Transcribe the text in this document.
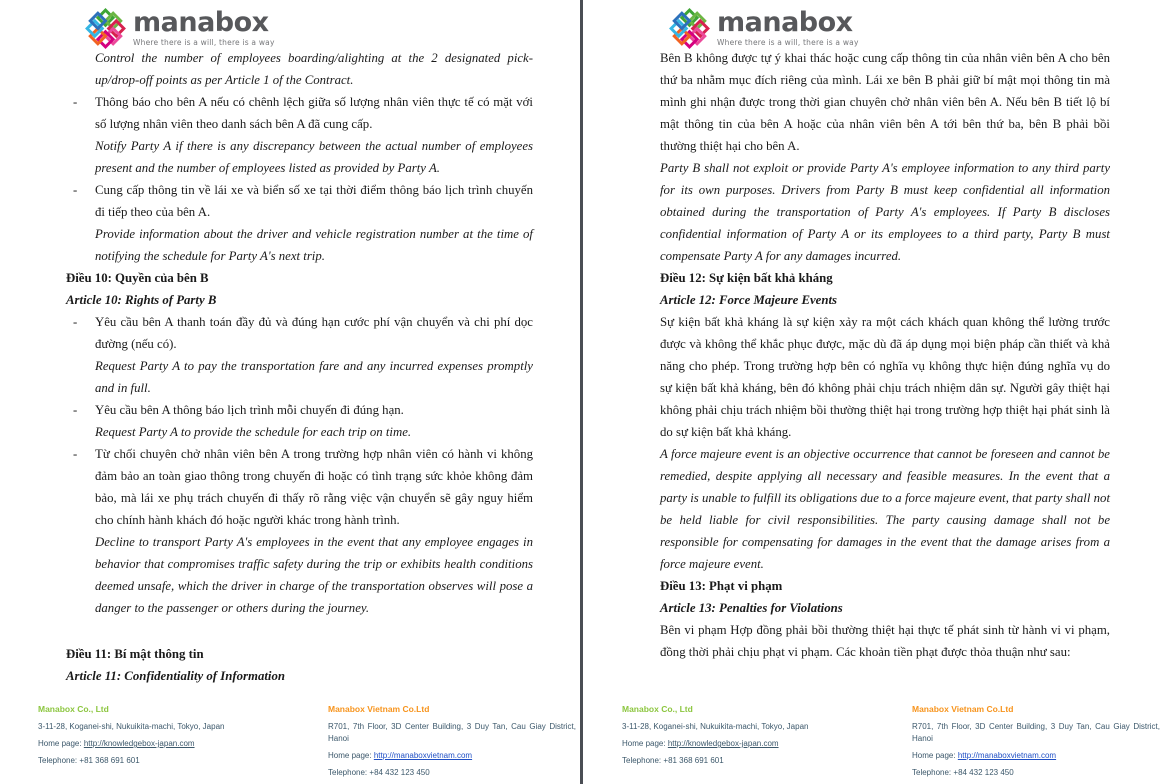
manabox
Where there is a will, there is a way
Control the number of employees boarding/alighting at the 2 designated pick-up/drop-off points as per Article 1 of the Contract.
- Thông báo cho bên A nếu có chênh lệch giữa số lượng nhân viên thực tế có mặt với số lượng nhân viên theo danh sách bên A đã cung cấp.
Notify Party A if there is any discrepancy between the actual number of employees present and the number of employees listed as provided by Party A.
- Cung cấp thông tin về lái xe và biển số xe tại thời điểm thông báo lịch trình chuyến đi tiếp theo của bên A.
Provide information about the driver and vehicle registration number at the time of notifying the schedule for Party A's next trip.
Điều 10: Quyền của bên B
Article 10: Rights of Party B
- Yêu cầu bên A thanh toán đầy đủ và đúng hạn cước phí vận chuyển và chi phí dọc đường (nếu có).
Request Party A to pay the transportation fare and any incurred expenses promptly and in full.
- Yêu cầu bên A thông báo lịch trình mỗi chuyến đi đúng hạn.
Request Party A to provide the schedule for each trip on time.
- Từ chối chuyên chở nhân viên bên A trong trường hợp nhân viên có hành vi không đảm bảo an toàn giao thông trong chuyến đi hoặc có tình trạng sức khỏe không đảm bảo, mà lái xe phụ trách chuyến đi thấy rõ rằng việc vận chuyển sẽ gây nguy hiểm cho chính hành khách đó hoặc người khác trong hành trình.
Decline to transport Party A's employees in the event that any employee engages in behavior that compromises traffic safety during the trip or exhibits health conditions deemed unsafe, which the driver in charge of the transportation observes will pose a danger to the passenger or others during the journey.
Điều 11: Bí mật thông tin
Article 11: Confidentiality of Information
Manabox Co., Ltd
3-11-28, Koganei-shi, Nukuikita-machi, Tokyo, Japan
Home page: http://knowledgebox-japan.com
Telephone: +81 368 691 601
Manabox Vietnam Co.Ltd
R701, 7th Floor, 3D Center Building, 3 Duy Tan, Cau Giay District, Hanoi
Home page: http://manaboxvietnam.com
Telephone: +84 432 123 450
manabox
Where there is a will, there is a way
Bên B không được tự ý khai thác hoặc cung cấp thông tin của nhân viên bên A cho bên thứ ba nhằm mục đích riêng của mình. Lái xe bên B phải giữ bí mật mọi thông tin mà mình ghi nhận được trong thời gian chuyên chở nhân viên bên A. Nếu bên B tiết lộ bí mật thông tin của bên A hoặc của nhân viên bên A tới bên thứ ba, bên B phải bồi thường thiệt hại cho bên A.
Party B shall not exploit or provide Party A's employee information to any third party for its own purposes. Drivers from Party B must keep confidential all information obtained during the transportation of Party A's employees. If Party B discloses confidential information of Party A or its employees to a third party, Party B must compensate Party A for any damages incurred.
Điều 12: Sự kiện bất khả kháng
Article 12: Force Majeure Events
Sự kiện bất khả kháng là sự kiện xảy ra một cách khách quan không thể lường trước được và không thể khắc phục được, mặc dù đã áp dụng mọi biện pháp cần thiết và khả năng cho phép. Trong trường hợp bên có nghĩa vụ không thực hiện đúng nghĩa vụ do sự kiện bất khả kháng, bên đó không phải chịu trách nhiệm dân sự. Người gây thiệt hại không phải chịu trách nhiệm bồi thường thiệt hại trong trường hợp thiệt hại phát sinh là do sự kiện bất khả kháng.
A force majeure event is an objective occurrence that cannot be foreseen and cannot be remedied, despite applying all necessary and feasible measures. In the event that a party is unable to fulfill its obligations due to a force majeure event, that party shall not be held liable for civil responsibilities. The party causing damage shall not be responsible for compensating for damages in the event that the damage arises from a force majeure event.
Điều 13: Phạt vi phạm
Article 13: Penalties for Violations
Bên vi phạm Hợp đồng phải bồi thường thiệt hại thực tế phát sinh từ hành vi vi phạm, đồng thời phải chịu phạt vi phạm. Các khoản tiền phạt được thỏa thuận như sau:
Manabox Co., Ltd
3-11-28, Koganei-shi, Nukuikita-machi, Tokyo, Japan
Home page: http://knowledgebox-japan.com
Telephone: +81 368 691 601
Manabox Vietnam Co.Ltd
R701, 7th Floor, 3D Center Building, 3 Duy Tan, Cau Giay District, Hanoi
Home page: http://manaboxvietnam.com
Telephone: +84 432 123 450
